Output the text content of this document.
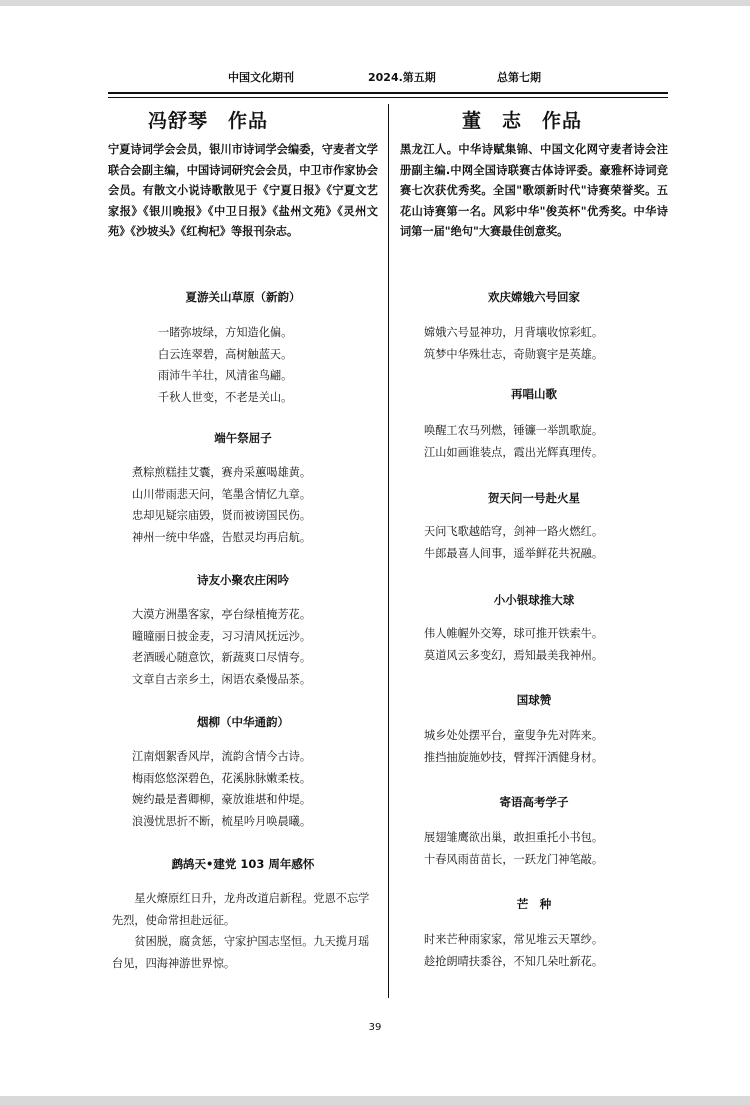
中国文化期刊	2024.第五期	总第七期
冯舒琴　作品

宁夏诗词学会会员，银川市诗词学会编委，守麦者文学联合会副主编，中国诗词研究会会员，中卫市作家协会会员。有散文小说诗歌散见于《宁夏日报》《宁夏文艺家报》《银川晚报》《中卫日报》《盐州文苑》《灵州文苑》《沙坡头》《红枸杞》等报刊杂志。

夏游关山草原（新韵）

一睹弥坡绿，方知造化偏。

白云连翠碧，高树触蓝天。

雨沛牛羊壮，风清雀鸟翩。

千秋人世变，不老是关山。

端午祭屈子

煮粽煎糕挂艾囊，赛舟采蕙喝雄黄。

山川带雨悲天问，笔墨含情忆九章。

忠却见疑宗庙毁，贤而被谤国民伤。

神州一统中华盛，告慰灵均再启航。

诗友小聚农庄闲吟

大漠方洲墨客家，亭台绿植掩芳花。

曈曈丽日披金麦，习习清风抚远沙。

老酒暖心随意饮，新蔬爽口尽情夸。

文章自古亲乡土，闲语农桑慢品茶。

烟柳（中华通韵）

江南烟絮香风岸，流韵含情今古诗。

梅雨悠悠深碧色，花溪脉脉嫩柔枝。

婉约最是耆卿柳，豪放谁堪和仲堤。

浪漫忧思折不断，梳星吟月唤晨曦。

鹧鸪天•建党 103 周年感怀

星火燎原红日升，龙舟改道启新程。党恩不忘学先烈，使命常担赴远征。

贫困脱，腐贪惩，守家护国志坚恒。九天揽月瑶台见，四海神游世界惊。

董　志　作品

黑龙江人。中华诗赋集锦、中国文化网守麦者诗会注册副主编.中网全国诗联赛古体诗评委。豪雅杯诗词竞赛七次获优秀奖。全国"歌颂新时代"诗赛荣誉奖。五花山诗赛第一名。风彩中华"俊英杯"优秀奖。中华诗词第一届"绝句"大赛最佳创意奖。

欢庆嫦娥六号回家

嫦娥六号显神功，月背壤收惊彩虹。

筑梦中华殊壮志，奇勋寰宇是英雄。

再唱山歌

唤醒工农马列燃，锤镰一举凯歌旋。

江山如画谁装点，霞出光辉真理传。

贺天问一号赴火星

天问飞歌越皓穹，剑神一路火燃红。

牛郎最喜人间事，遥举鲜花共祝融。

小小银球推大球

伟人帷幄外交筹，球可推开铁索牛。

莫道风云多变幻，焉知最美我神州。

国球赞

城乡处处摆平台，童叟争先对阵来。

推挡抽旋施妙技，臂挥汗洒健身材。

寄语高考学子

展翅雏鹰欲出巢，敢担重托小书包。

十春风雨苗苗长，一跃龙门神笔敲。

芒　种

时来芒种雨家家，常见堆云天罩纱。

趁抢朗晴扶黍谷，不知几朵吐新花。

39
